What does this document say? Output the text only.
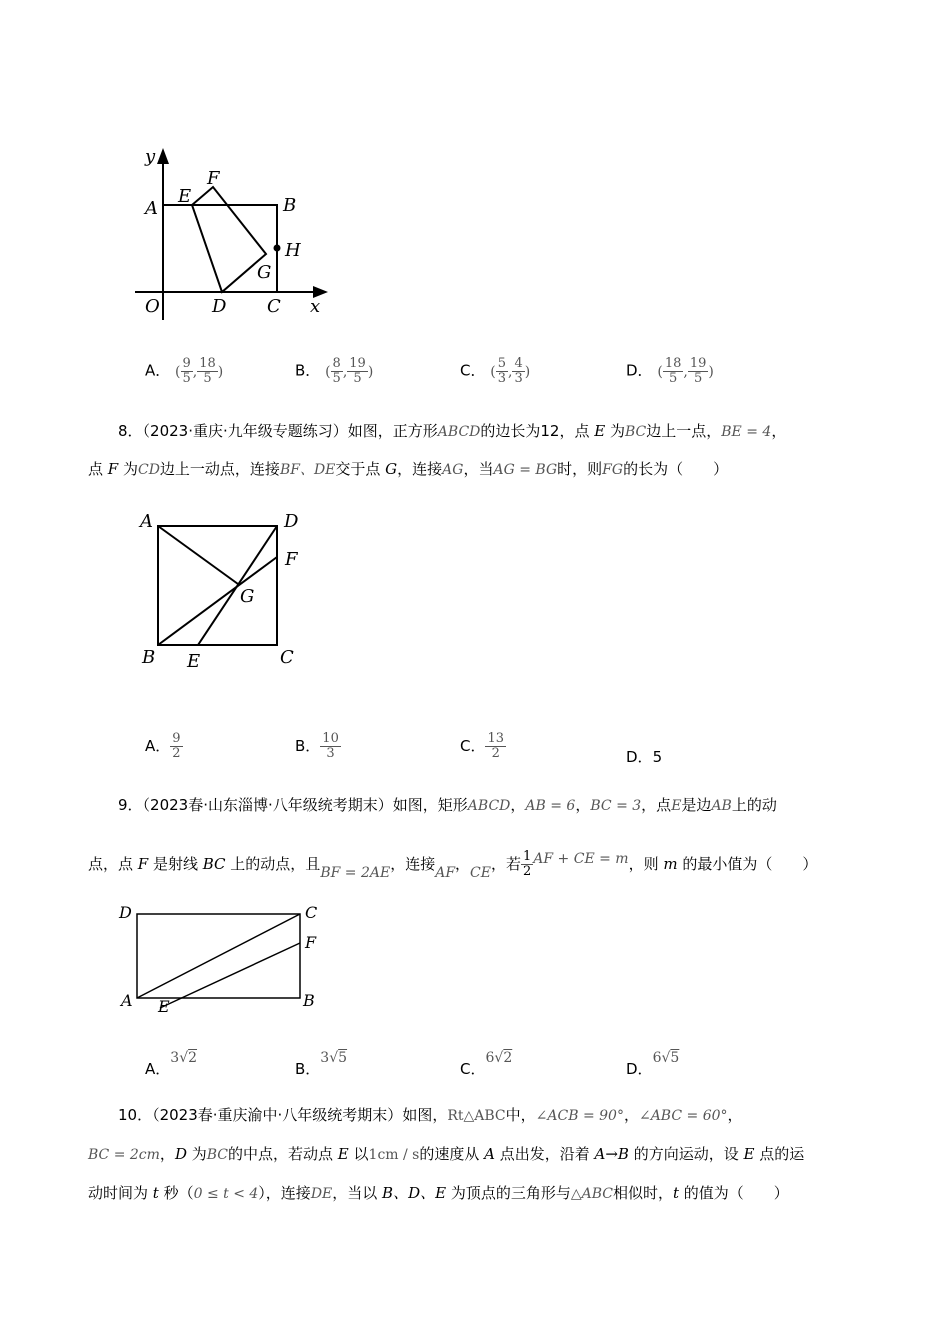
y
x
O
A
E
F
B
H
G
D C
A． ( $\frac{9}{5}$ , $\frac{18}{5}$ )	B． ( $\frac{8}{5}$ , $\frac{19}{5}$ )	C． ( $\frac{5}{3}$ , $\frac{4}{3}$ )	D． ( $\frac{18}{5}$ , $\frac{19}{5}$ )
8．（2023·重庆·九年级专题练习）如图，正方形ABCD的边长为12，点 E 为BC边上一点，BE = 4，
点 F 为CD边上一动点，连接BF、DE交于点 G，连接AG，当AG = BG时，则FG的长为（　　）
A	D
F
G
B E	C
A． $\frac{9}{2}$	B． $\frac{10}{3}$	C． $\frac{13}{2}$	D．5
9．（2023春·山东淄博·八年级统考期末）如图，矩形ABCD，AB = 6，BC = 3，点E是边AB上的动
点，点 F 是射线 BC 上的动点，且BF = 2AE，连接AF，CE，若 $\frac{1}{2}$ AF + CE = m，则 m 的最小值为（　　）
D	C
F
A E	B
A．3√2
B．3√5
C．6√2
D．6√5
10．（2023春·重庆渝中·八年级统考期末）如图，Rt△ABC中，∠ACB = 90°，∠ABC = 60°，
BC = 2cm，D 为BC的中点，若动点 E 以1cm / s的速度从 A 点出发，沿着 A→B 的方向运动，设 E 点的运
动时间为 t 秒（0 ≤ t < 4），连接DE，当以 B、D、E 为顶点的三角形与△ABC相似时，t 的值为（　　）
